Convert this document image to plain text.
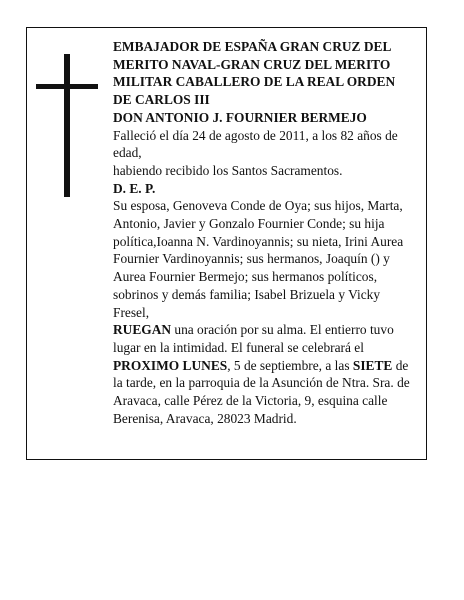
EMBAJADOR DE ESPAÑA GRAN CRUZ DEL MERITO NAVAL-GRAN CRUZ DEL MERITO MILITAR CABALLERO DE LA REAL ORDEN DE CARLOS III

DON ANTONIO J. FOURNIER BERMEJO

Falleció el día 24 de agosto de 2011, a los 82 años de edad,

habiendo recibido los Santos Sacramentos.

D. E. P.

Su esposa, Genoveva Conde de Oya; sus hijos, Marta, Antonio, Javier y Gonzalo Fournier Conde; su hija política,Ioanna N. Vardinoyannis; su nieta, Irini Aurea Fournier Vardinoyannis; sus hermanos, Joaquín () y Aurea Fournier Bermejo; sus hermanos políticos, sobrinos y demás familia; Isabel Brizuela y Vicky Fresel,

RUEGAN una oración por su alma. El entierro tuvo lugar en la intimidad. El funeral se celebrará el PROXIMO LUNES, 5 de septiembre, a las SIETE de la tarde, en la parroquia de la Asunción de Ntra. Sra. de Aravaca, calle Pérez de la Victoria, 9, esquina calle Berenisa, Aravaca, 28023 Madrid.
